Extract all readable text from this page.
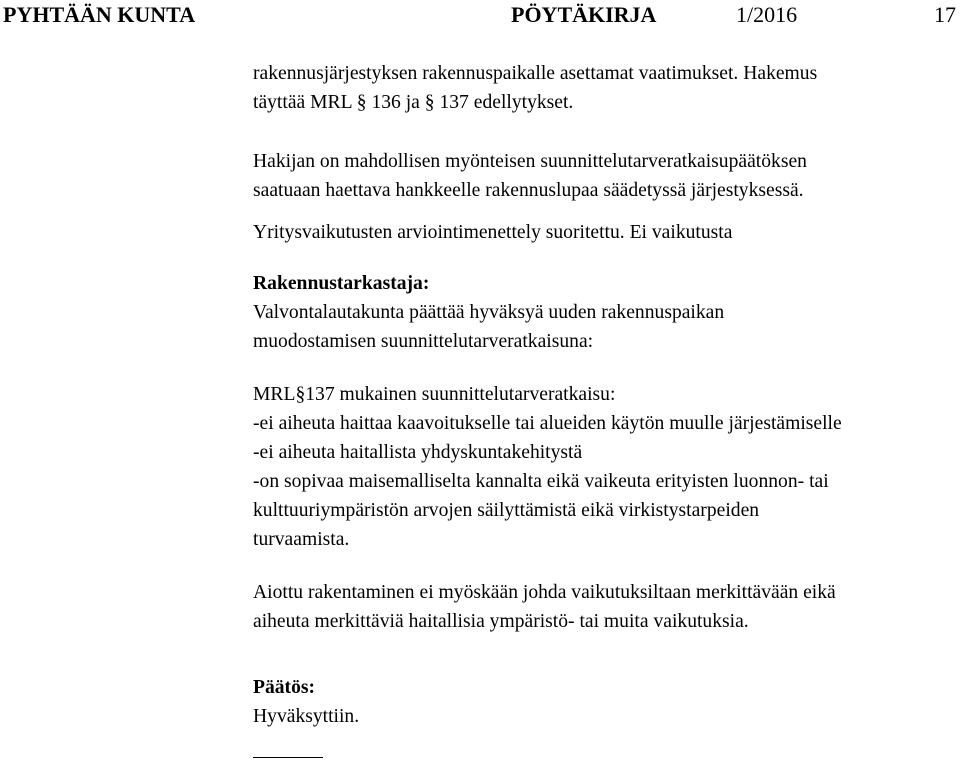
PYHTÄÄN KUNTA	PÖYTÄKIRJA	1/2016	17

rakennusjärjestyksen rakennuspaikalle asettamat vaatimukset. Hakemus

täyttää MRL § 136 ja § 137 edellytykset.

Hakijan on mahdollisen myönteisen suunnittelutarveratkaisupäätöksen

saatuaan haettava hankkeelle rakennuslupaa säädetyssä järjestyksessä.

Yritysvaikutusten arviointimenettely suoritettu. Ei vaikutusta

Rakennustarkastaja:

Valvontalautakunta päättää hyväksyä uuden rakennuspaikan

muodostamisen suunnittelutarveratkaisuna:

MRL§137 mukainen suunnittelutarveratkaisu:

-ei aiheuta haittaa kaavoitukselle tai alueiden käytön muulle järjestämiselle

-ei aiheuta haitallista yhdyskuntakehitystä

-on sopivaa maisemalliselta kannalta eikä vaikeuta erityisten luonnon- tai

kulttuuriympäristön arvojen säilyttämistä eikä virkistystarpeiden

turvaamista.

Aiottu rakentaminen ei myöskään johda vaikutuksiltaan merkittävään eikä

aiheuta merkittäviä haitallisia ympäristö- tai muita vaikutuksia.

Päätös:

Hyväksyttiin.
